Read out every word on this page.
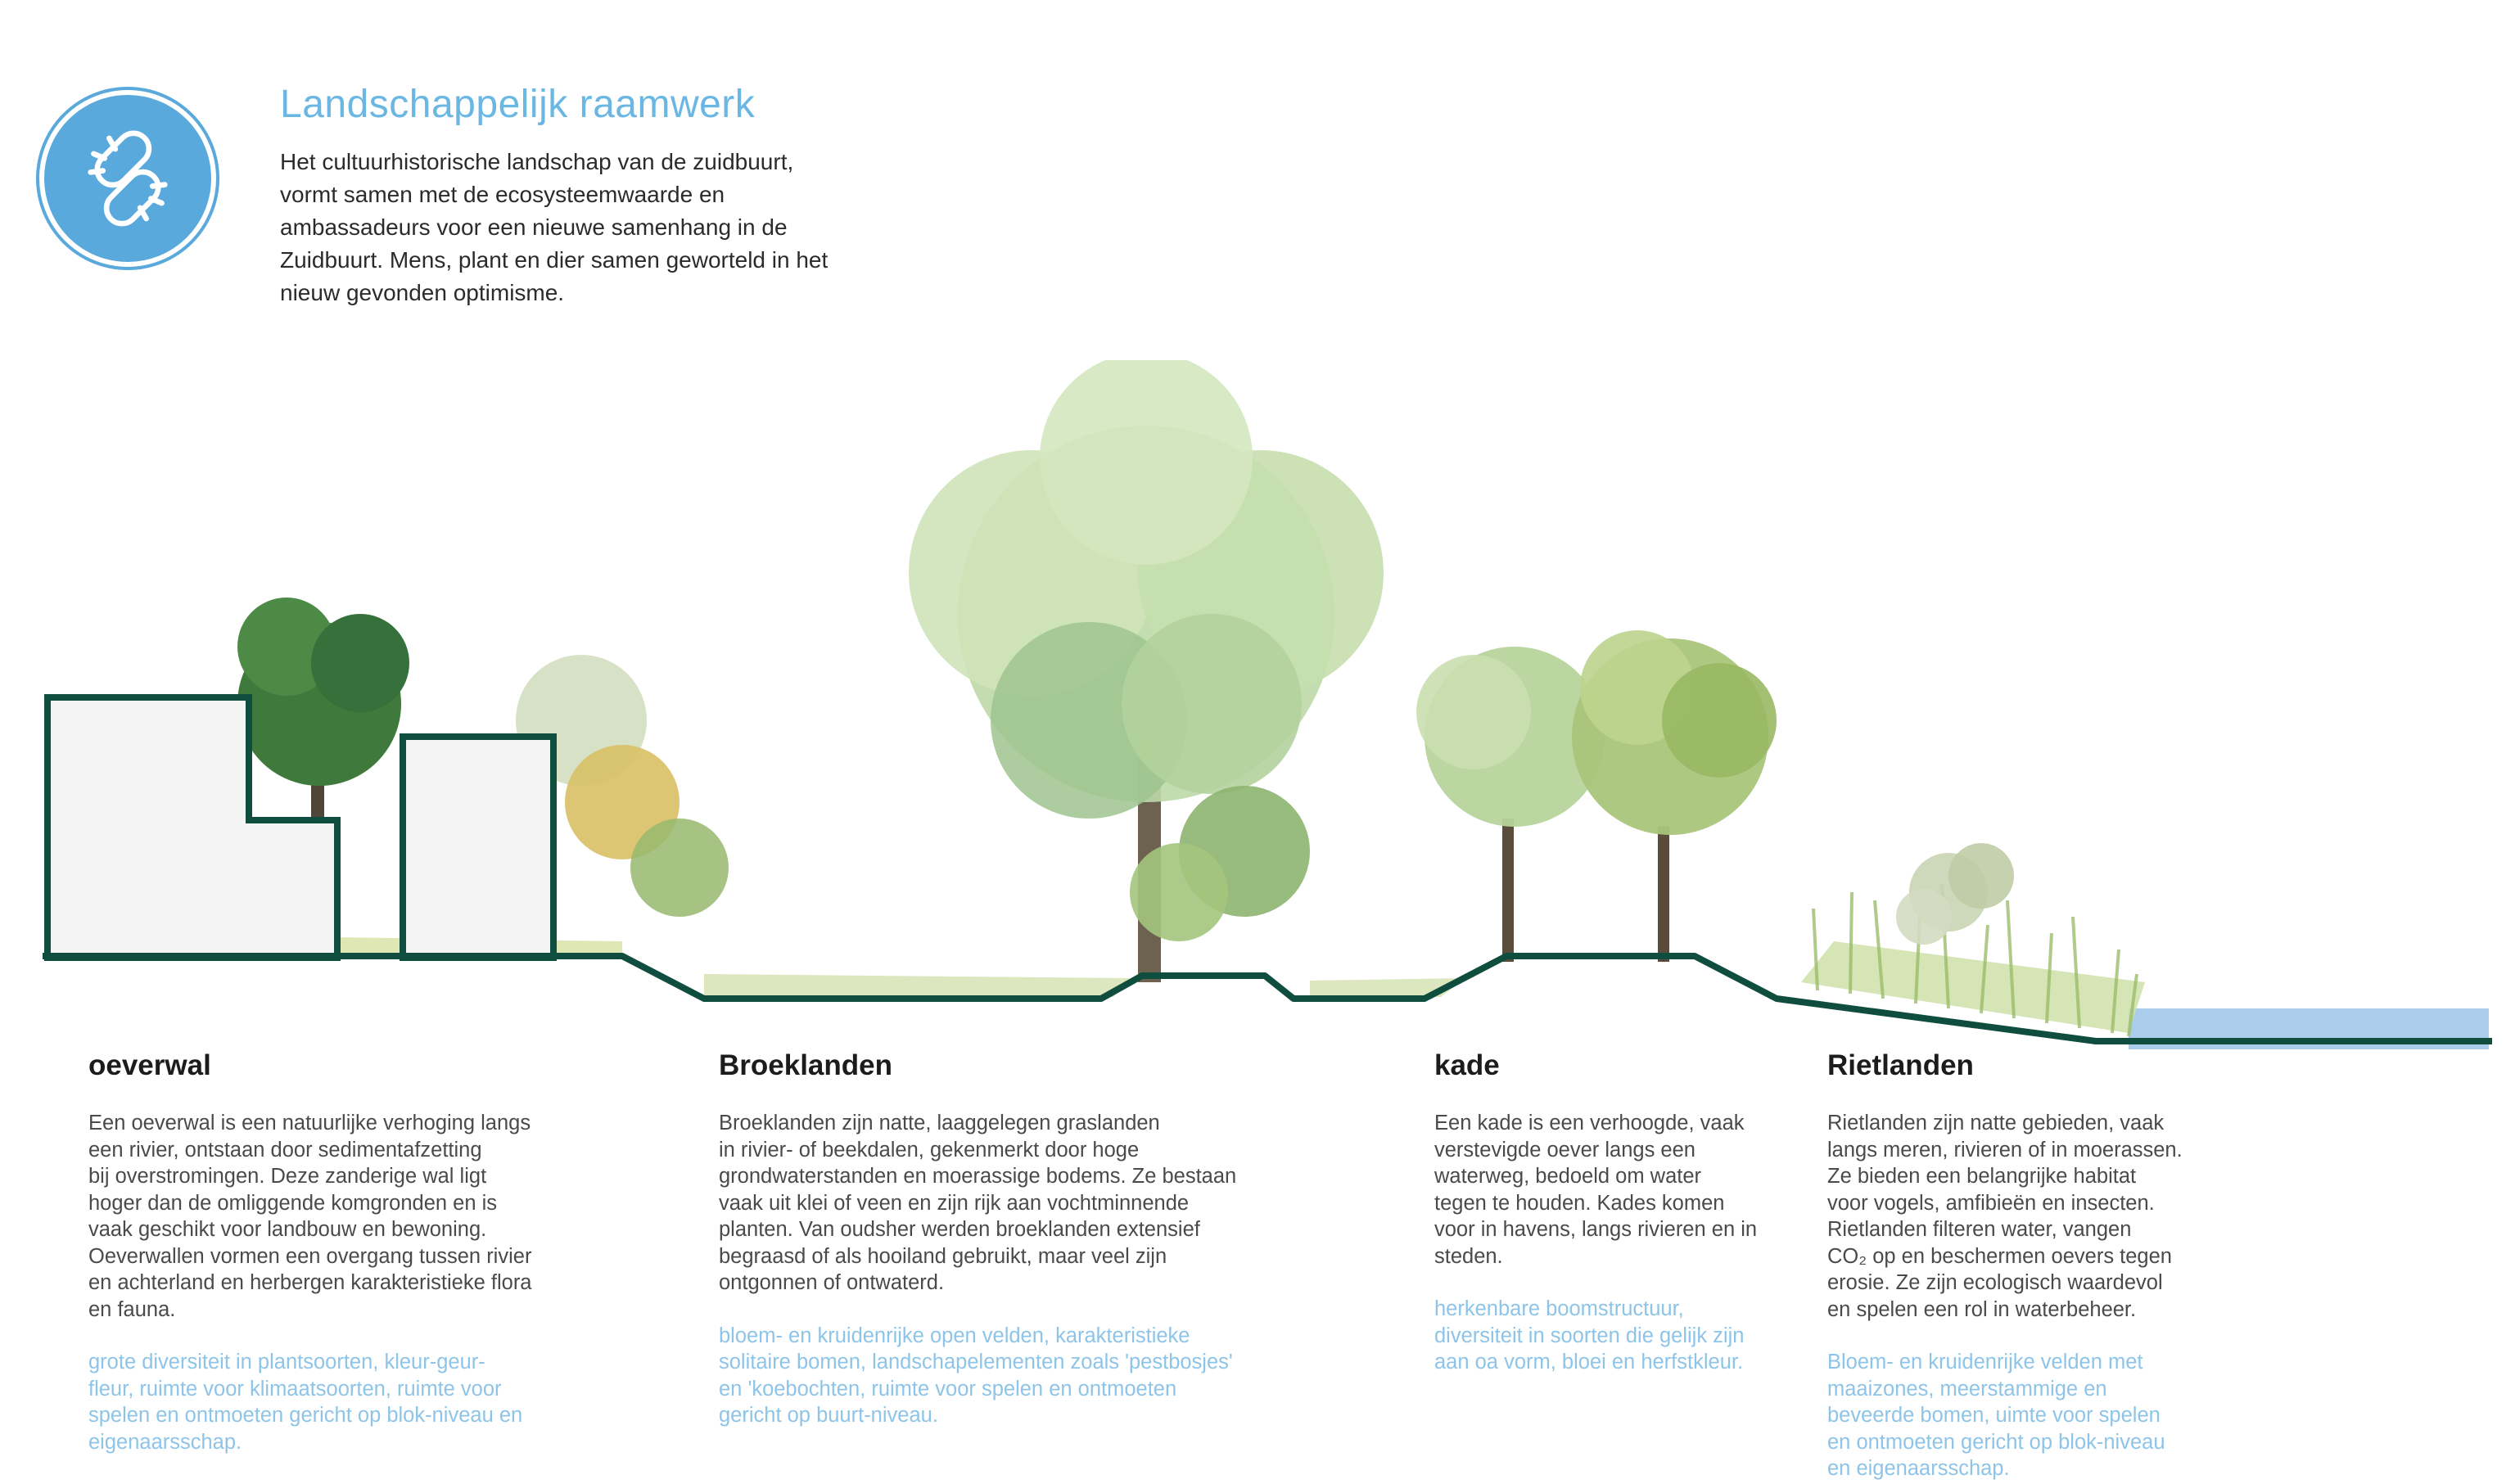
Landschappelijk raamwerk

Het cultuurhistorische landschap van de zuidbuurt, vormt samen met de ecosysteemwaarde en ambassadeurs voor een nieuwe samenhang in de Zuidbuurt. Mens, plant en dier samen geworteld in het nieuw gevonden optimisme.

oeverwal

Een oeverwal is een natuurlijke verhoging langs
een rivier, ontstaan door sedimentafzetting
bij overstromingen. Deze zanderige wal ligt
hoger dan de omliggende komgronden en is
vaak geschikt voor landbouw en bewoning.
Oeverwallen vormen een overgang tussen rivier
en achterland en herbergen karakteristieke flora
en fauna.

grote diversiteit in plantsoorten, kleur-geur-
fleur, ruimte voor klimaatsoorten, ruimte voor
spelen en ontmoeten gericht op blok-niveau en
eigenaarsschap.

Broeklanden

Broeklanden zijn natte, laaggelegen graslanden
in rivier- of beekdalen, gekenmerkt door hoge
grondwaterstanden en moerassige bodems. Ze bestaan
vaak uit klei of veen en zijn rijk aan vochtminnende
planten. Van oudsher werden broeklanden extensief
begraasd of als hooiland gebruikt, maar veel zijn
ontgonnen of ontwaterd.

bloem- en kruidenrijke open velden, karakteristieke
solitaire bomen, landschapelementen zoals 'pestbosjes'
en 'koebochten, ruimte voor spelen en ontmoeten
gericht op buurt-niveau.

kade

Een kade is een verhoogde, vaak
verstevigde oever langs een
waterweg, bedoeld om water
tegen te houden. Kades komen
voor in havens, langs rivieren en in
steden.

herkenbare boomstructuur,
diversiteit in soorten die gelijk zijn
aan oa vorm, bloei en herfstkleur.

Rietlanden

Rietlanden zijn natte gebieden, vaak
langs meren, rivieren of in moerassen.
Ze bieden een belangrijke habitat
voor vogels, amfibieën en insecten.
Rietlanden filteren water, vangen
CO₂ op en beschermen oevers tegen
erosie. Ze zijn ecologisch waardevol
en spelen een rol in waterbeheer.

Bloem- en kruidenrijke velden met
maaizones, meerstammige en
beveerde bomen, uimte voor spelen
en ontmoeten gericht op blok-niveau
en eigenaarsschap.
